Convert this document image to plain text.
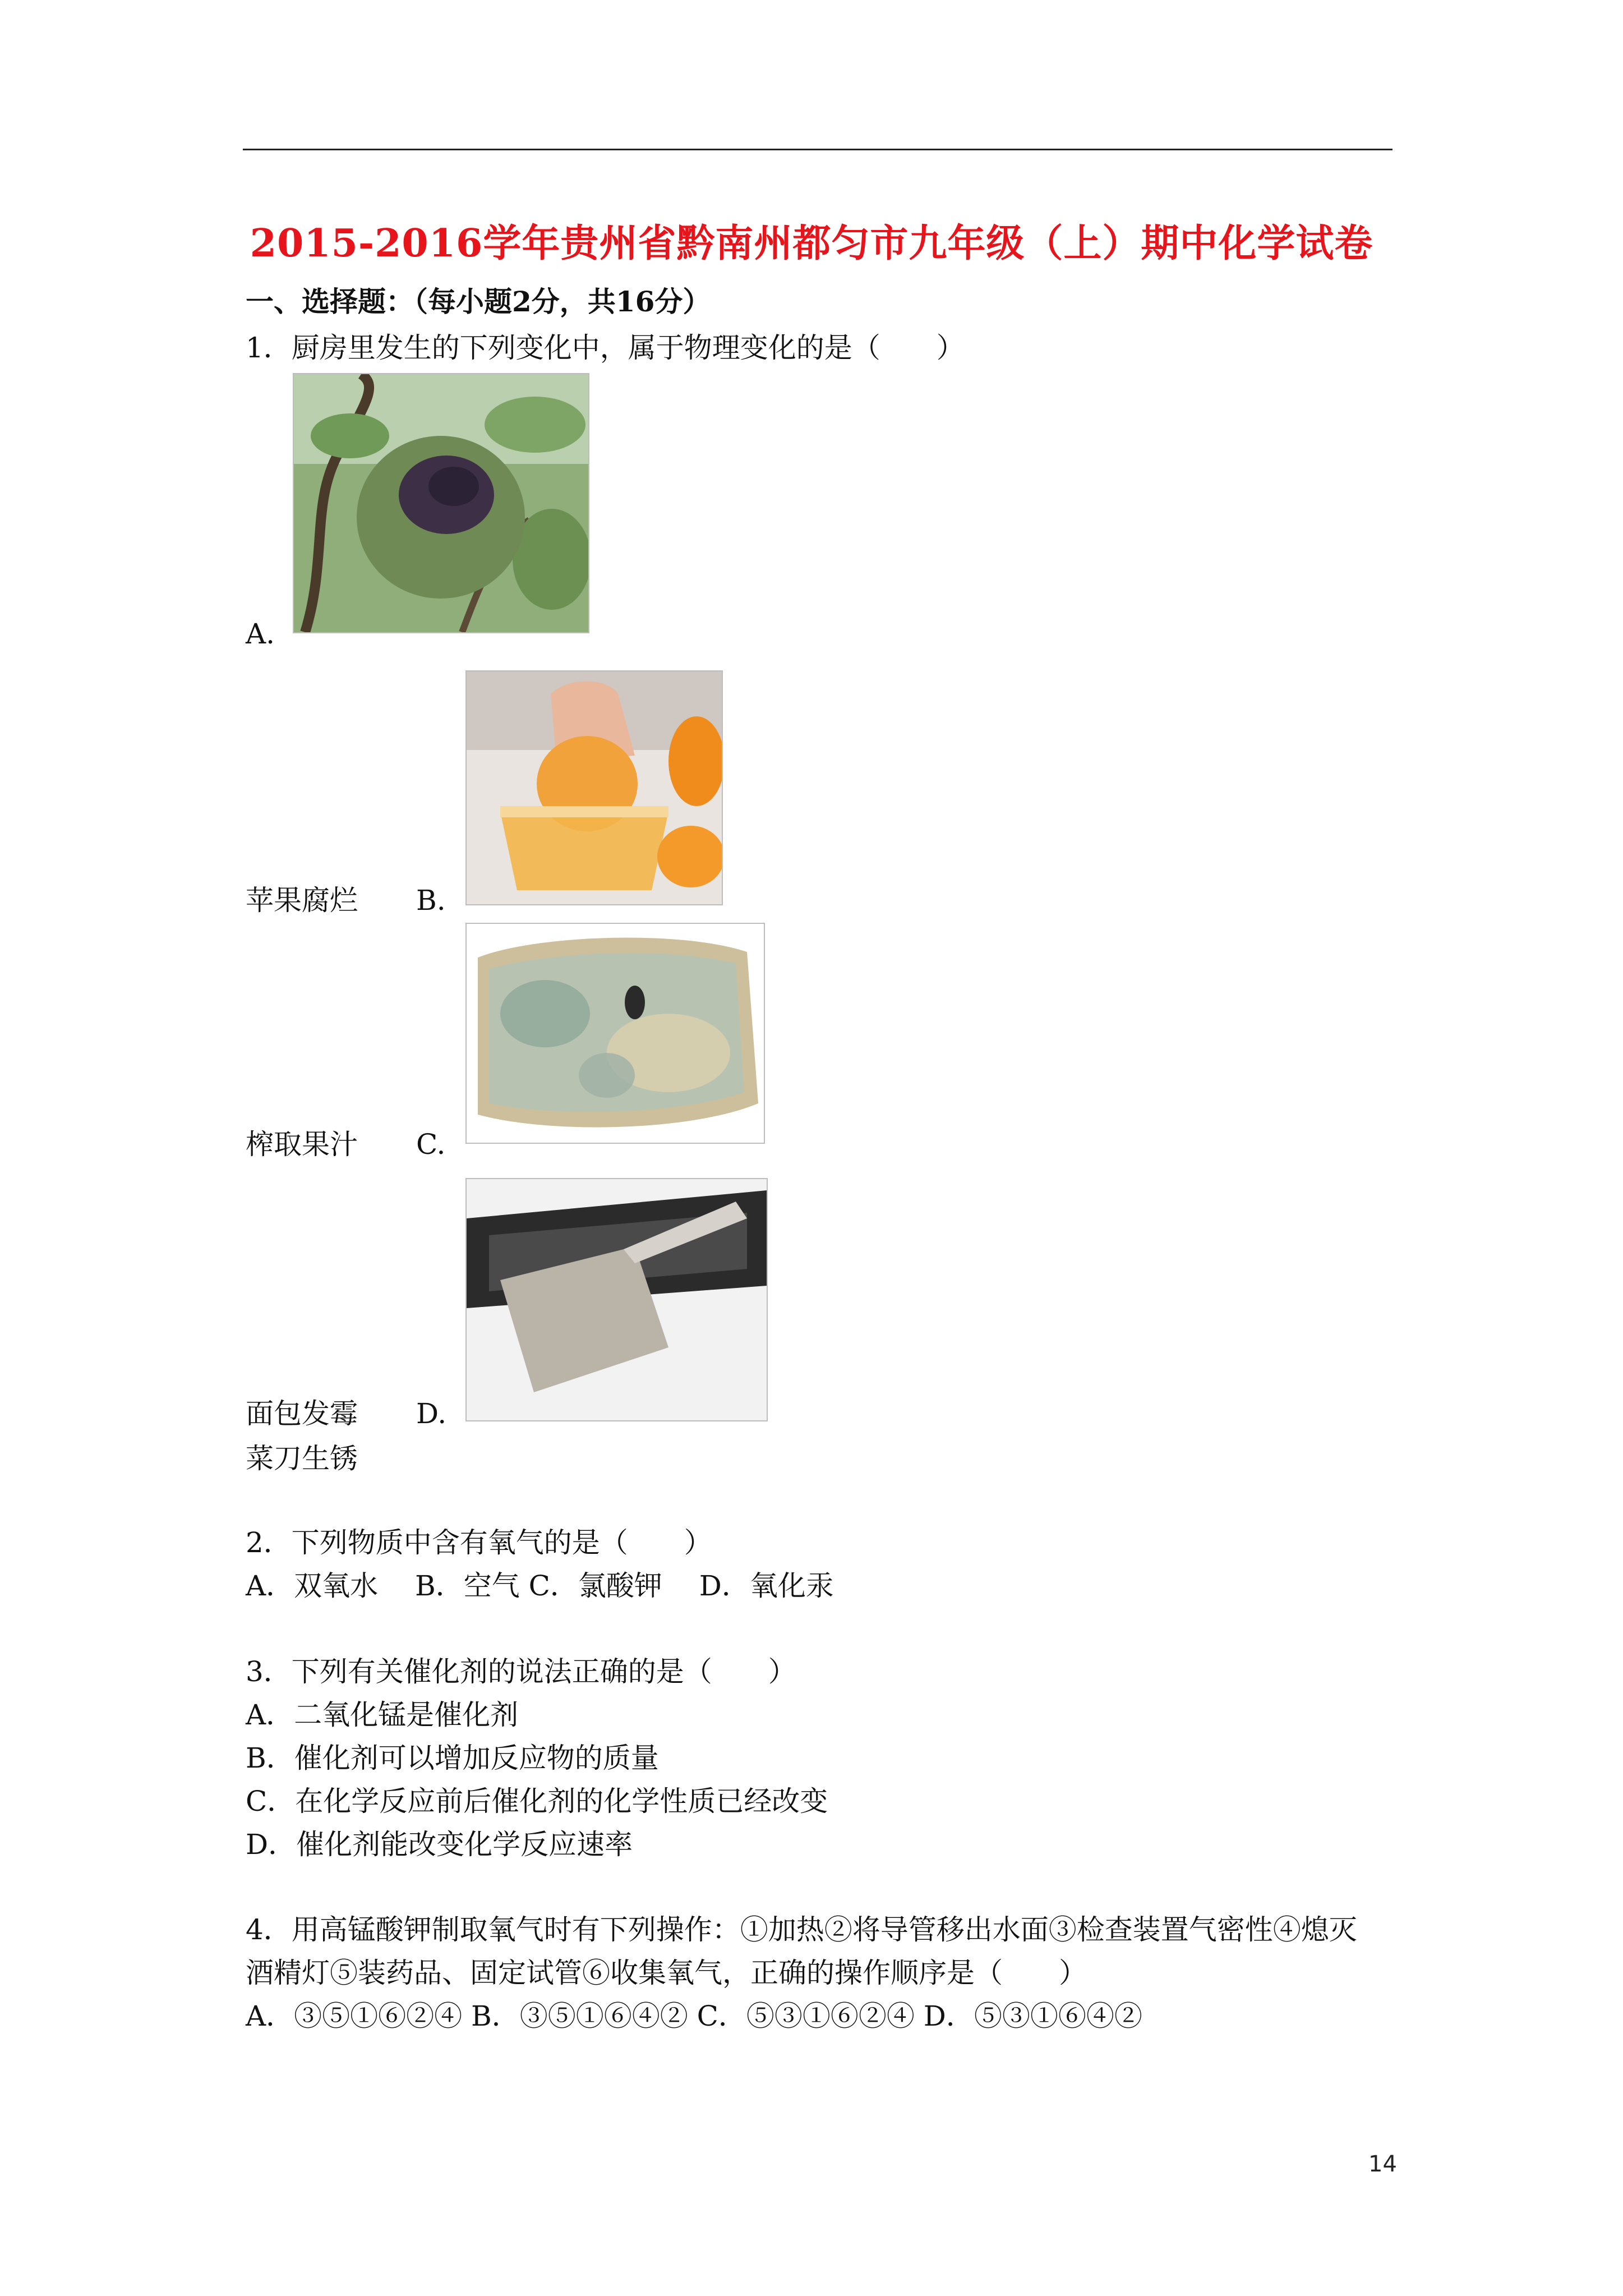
2015-2016学年贵州省黔南州都匀市九年级（上）期中化学试卷
一、选择题：（每小题2分，共16分）
1．厨房里发生的下列变化中，属于物理变化的是（　　）
A.
苹果腐烂 B.
榨取果汁 C.
面包发霉 D.
菜刀生锈
2．下列物质中含有氧气的是（　　）
A．双氧水　 B．空气 C．氯酸钾　 D．氧化汞
3．下列有关催化剂的说法正确的是（　　）
A．二氧化锰是催化剂
B．催化剂可以增加反应物的质量
C．在化学反应前后催化剂的化学性质已经改变
D．催化剂能改变化学反应速率
4．用高锰酸钾制取氧气时有下列操作：①加热②将导管移出水面③检查装置气密性④熄灭
酒精灯⑤装药品、固定试管⑥收集氧气，正确的操作顺序是（　　）
A．③⑤①⑥②④ B．③⑤①⑥④② C．⑤③①⑥②④ D．⑤③①⑥④②
14
